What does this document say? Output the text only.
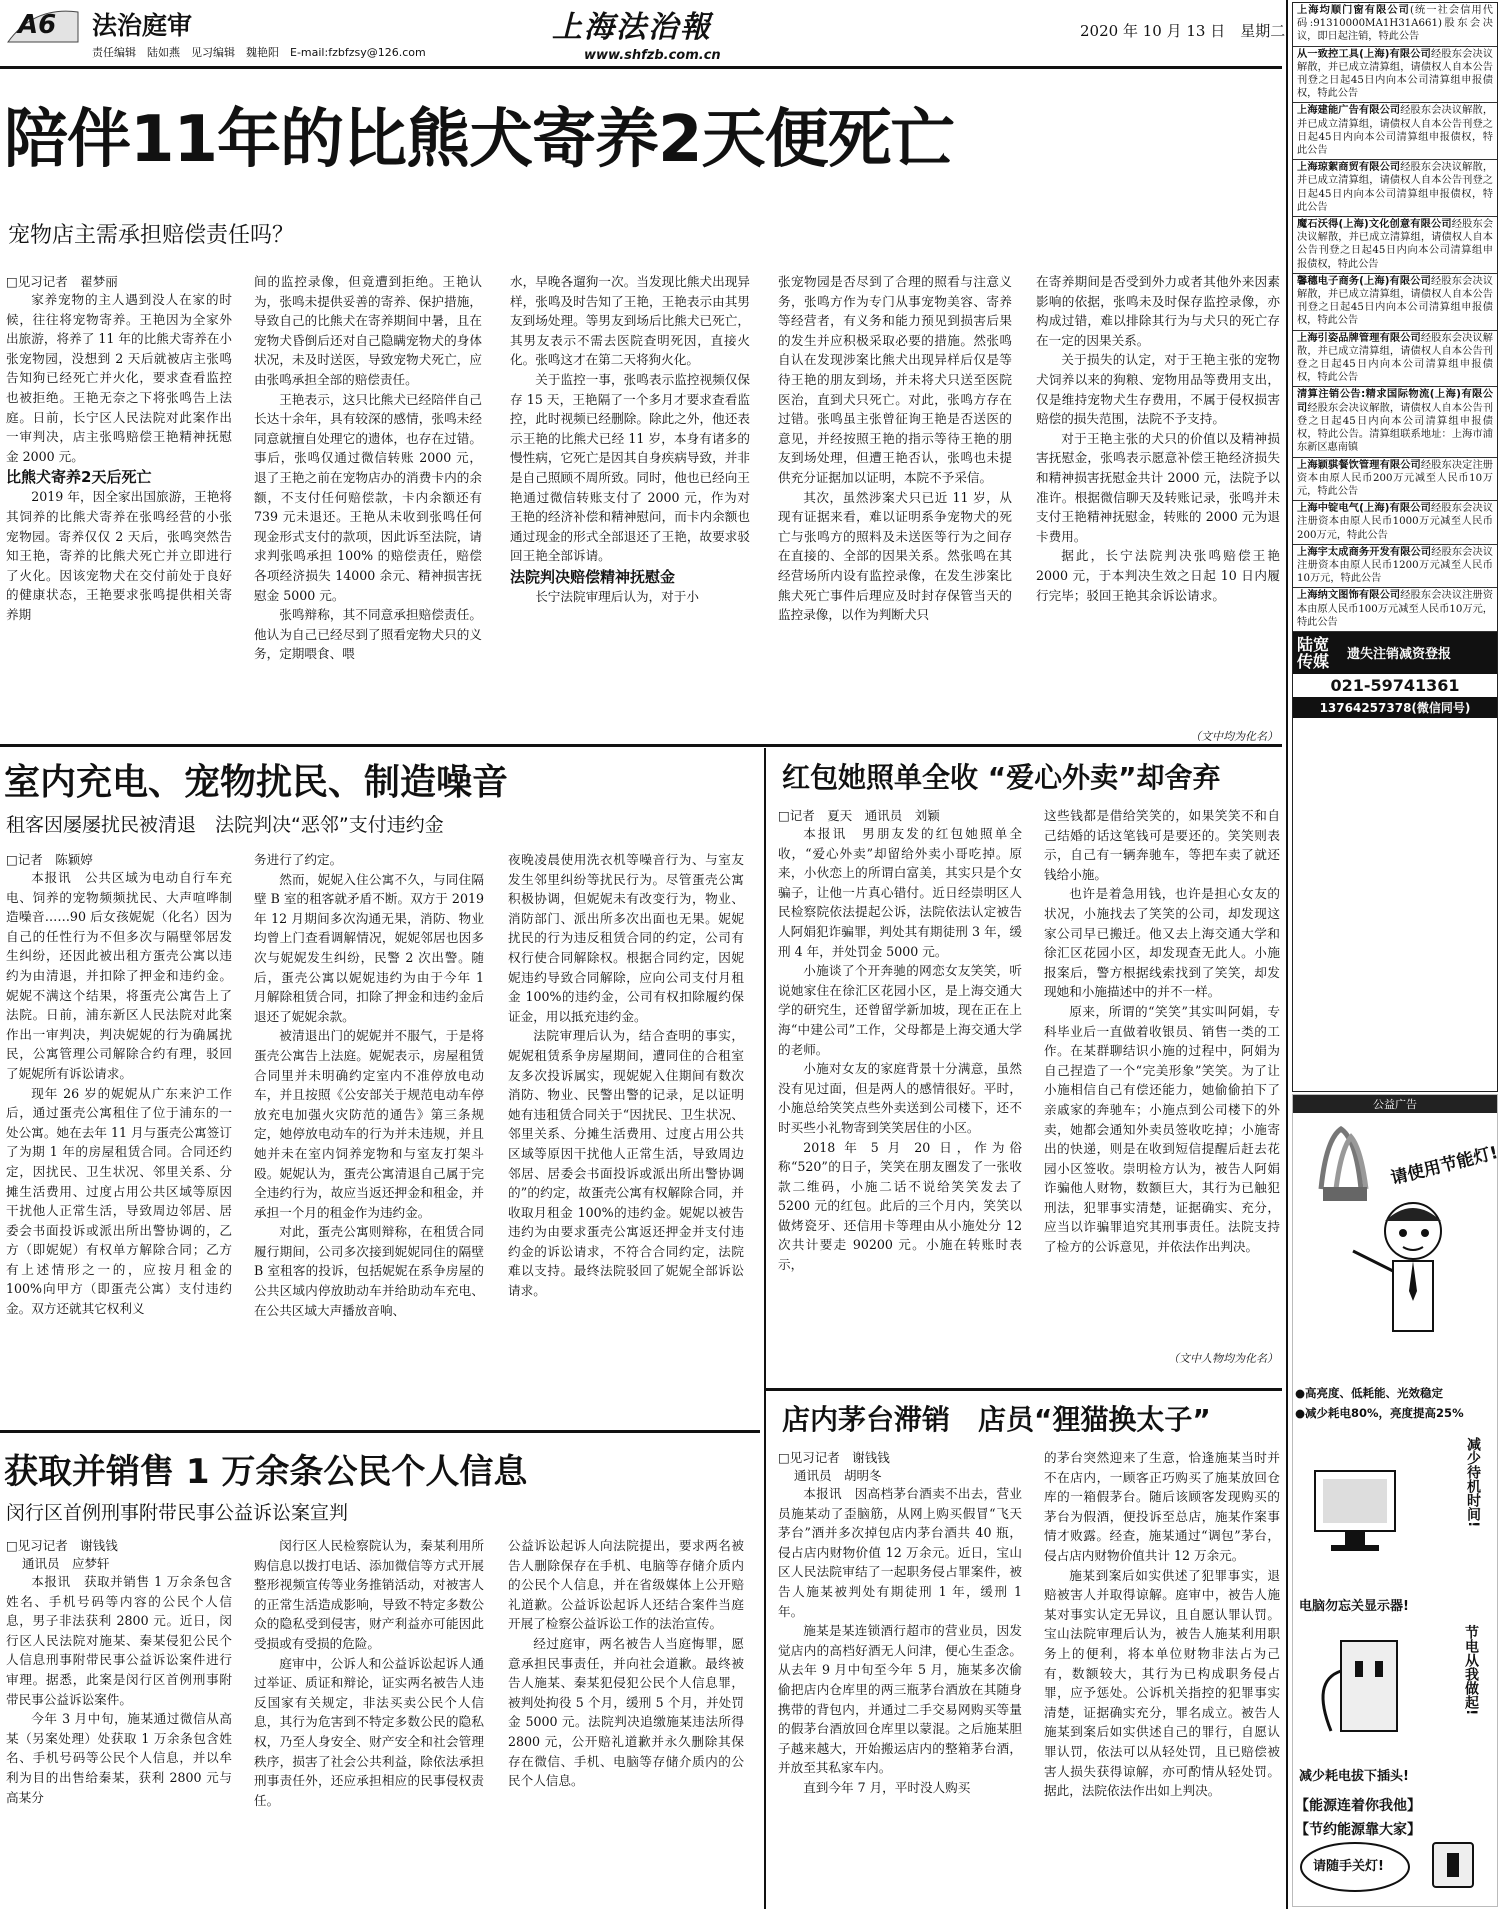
A6 法治庭审
责任编辑　陆如燕　见习编辑　魏艳阳　E-mail:fzbfzsy@126.com
上海法治報
www.shfzb.com.cn
2020 年 10 月 13 日　星期二
陪伴11年的比熊犬寄养2天便死亡
宠物店主需承担赔偿责任吗？

□见习记者　翟梦丽

家养宠物的主人遇到没人在家的时候，往往将宠物寄养。王艳因为全家外出旅游，将养了 11 年的比熊犬寄养在小张宠物园，没想到 2 天后就被店主张鸣告知狗已经死亡并火化，要求查看监控也被拒绝。王艳无奈之下将张鸣告上法庭。日前，长宁区人民法院对此案作出一审判决，店主张鸣赔偿王艳精神抚慰金 2000 元。

比熊犬寄养2天后死亡

2019 年，因全家出国旅游，王艳将其饲养的比熊犬寄养在张鸣经营的小张宠物园。寄养仅仅 2 天后，张鸣突然告知王艳，寄养的比熊犬死亡并立即进行了火化。因该宠物犬在交付前处于良好的健康状态，王艳要求张鸣提供相关寄养期

间的监控录像，但竟遭到拒绝。王艳认为，张鸣未提供妥善的寄养、保护措施，导致自己的比熊犬在寄养期间中暑，且在宠物犬昏倒后还对自己隐瞒宠物犬的身体状况，未及时送医，导致宠物犬死亡，应由张鸣承担全部的赔偿责任。

王艳表示，这只比熊犬已经陪伴自己长达十余年，具有较深的感情，张鸣未经同意就擅自处理它的遗体，也存在过错。事后，张鸣仅通过微信转账 2000 元，退了王艳之前在宠物店办的消费卡内的余额，不支付任何赔偿款，卡内余额还有 739 元未退还。王艳从未收到张鸣任何现金形式支付的款项，因此诉至法院，请求判张鸣承担 100% 的赔偿责任，赔偿各项经济损失 14000 余元、精神损害抚慰金 5000 元。

张鸣辩称，其不同意承担赔偿责任。他认为自己已经尽到了照看宠物犬只的义务，定期喂食、喂

水，早晚各遛狗一次。当发现比熊犬出现异样，张鸣及时告知了王艳，王艳表示由其男友到场处理。等男友到场后比熊犬已死亡，其男友表示不需去医院查明死因，直接火化。张鸣这才在第二天将狗火化。

关于监控一事，张鸣表示监控视频仅保存 15 天，王艳隔了一个多月才要求查看监控，此时视频已经删除。除此之外，他还表示王艳的比熊犬已经 11 岁，本身有诸多的慢性病，它死亡是因其自身疾病导致，并非是自己照顾不周所致。同时，他也已经向王艳通过微信转账支付了 2000 元，作为对王艳的经济补偿和精神慰问，而卡内余额也通过现金的形式全部退还了王艳，故要求驳回王艳全部诉请。

法院判决赔偿精神抚慰金

长宁法院审理后认为，对于小

张宠物园是否尽到了合理的照看与注意义务，张鸣方作为专门从事宠物美容、寄养等经营者，有义务和能力预见到损害后果的发生并应积极采取必要的措施。然张鸣自认在发现涉案比熊犬出现异样后仅是等待王艳的朋友到场，并未将犬只送至医院医治，直到犬只死亡。对此，张鸣方存在过错。张鸣虽主张曾征询王艳是否送医的意见，并经按照王艳的指示等待王艳的朋友到场处理，但遭王艳否认，张鸣也未提供充分证据加以证明，本院不予采信。

其次，虽然涉案犬只已近 11 岁，从现有证据来看，难以证明系争宠物犬的死亡与张鸣方的照料及未送医等行为之间存在直接的、全部的因果关系。然张鸣在其经营场所内设有监控录像，在发生涉案比熊犬死亡事件后理应及时封存保管当天的监控录像，以作为判断犬只

在寄养期间是否受到外力或者其他外来因素影响的依据，张鸣未及时保存监控录像，亦构成过错，难以排除其行为与犬只的死亡存在一定的因果关系。

关于损失的认定，对于王艳主张的宠物犬饲养以来的狗粮、宠物用品等费用支出，仅是维持宠物犬生存费用，不属于侵权损害赔偿的损失范围，法院不予支持。

对于王艳主张的犬只的价值以及精神损害抚慰金，张鸣表示愿意补偿王艳经济损失和精神损害抚慰金共计 2000 元，法院予以准许。根据微信聊天及转账记录，张鸣并未支付王艳精神抚慰金，转账的 2000 元为退卡费用。

据此，长宁法院判决张鸣赔偿王艳 2000 元，于本判决生效之日起 10 日内履行完毕；驳回王艳其余诉讼请求。

（文中均为化名）
室内充电、宠物扰民、制造噪音
租客因屡屡扰民被清退　法院判决“恶邻”支付违约金

□记者　陈颖婷

本报讯　公共区域为电动自行车充电、饲养的宠物频频扰民、大声喧哗制造噪音……90 后女孩妮妮（化名）因为自己的任性行为不但多次与隔壁邻居发生纠纷，还因此被出租方蛋壳公寓以违约为由清退，并扣除了押金和违约金。妮妮不满这个结果，将蛋壳公寓告上了法院。日前，浦东新区人民法院对此案作出一审判决，判决妮妮的行为确属扰民，公寓管理公司解除合约有理，驳回了妮妮所有诉讼请求。

现年 26 岁的妮妮从广东来沪工作后，通过蛋壳公寓租住了位于浦东的一处公寓。她在去年 11 月与蛋壳公寓签订了为期 1 年的房屋租赁合同。合同还约定，因扰民、卫生状况、邻里关系、分摊生活费用、过度占用公共区域等原因干扰他人正常生活，导致周边邻居、居委会书面投诉或派出所出警协调的，乙方（即妮妮）有权单方解除合同；乙方有上述情形之一的，应按月租金的 100%向甲方（即蛋壳公寓）支付违约金。双方还就其它权利义

务进行了约定。

然而，妮妮入住公寓不久，与同住隔壁 B 室的租客就矛盾不断。双方于 2019 年 12 月期间多次沟通无果，消防、物业均曾上门查看调解情况，妮妮邻居也因多次与妮妮发生纠纷，民警 2 次出警。随后，蛋壳公寓以妮妮违约为由于今年 1 月解除租赁合同，扣除了押金和违约金后退还了妮妮余款。

被清退出门的妮妮并不服气，于是将蛋壳公寓告上法庭。妮妮表示，房屋租赁合同里并未明确约定室内不准停放电动车，并且按照《公安部关于规范电动车停放充电加强火灾防范的通告》第三条规定，她停放电动车的行为并未违规，并且她并未在室内饲养宠物和与室友打架斗殴。妮妮认为，蛋壳公寓清退自己属于完全违约行为，故应当返还押金和租金，并承担一个月的租金作为违约金。

对此，蛋壳公寓则辩称，在租赁合同履行期间，公司多次接到妮妮同住的隔壁 B 室租客的投诉，包括妮妮在系争房屋的公共区域内停放助动车并给助动车充电、在公共区域大声播放音响、

夜晚凌晨使用洗衣机等噪音行为、与室友发生邻里纠纷等扰民行为。尽管蛋壳公寓积极协调，但妮妮未有改变行为，物业、消防部门、派出所多次出面也无果。妮妮扰民的行为违反租赁合同的约定，公司有权行使合同解除权。根据合同约定，因妮妮违约导致合同解除，应向公司支付月租金 100%的违约金，公司有权扣除履约保证金，用以抵充违约金。

法院审理后认为，结合查明的事实，妮妮租赁系争房屋期间，遭同住的合租室友多次投诉属实，现妮妮入住期间有数次消防、物业、民警出警的记录，足以证明她有违租赁合同关于“因扰民、卫生状况、邻里关系、分摊生活费用、过度占用公共区域等原因干扰他人正常生活，导致周边邻居、居委会书面投诉或派出所出警协调的”的约定，故蛋壳公寓有权解除合同，并收取月租金 100%的违约金。妮妮以被告违约为由要求蛋壳公寓返还押金并支付违约金的诉讼请求，不符合合同约定，法院难以支持。最终法院驳回了妮妮全部诉讼请求。

红包她照单全收 “爱心外卖”却舍弃

□记者　夏天　通讯员　刘颖

本报讯　男朋友发的红包她照单全收，“爱心外卖”却留给外卖小哥吃掉。原来，小伙恋上的所谓白富美，其实只是个女骗子，让他一片真心错付。近日经崇明区人民检察院依法提起公诉，法院依法认定被告人阿娟犯诈骗罪，判处其有期徒刑 3 年，缓刑 4 年，并处罚金 5000 元。

小施谈了个开奔驰的网恋女友笑笑，听说她家住在徐汇区花园小区，是上海交通大学的研究生，还曾留学新加坡，现在正在上海“中建公司”工作，父母都是上海交通大学的老师。

小施对女友的家庭背景十分满意，虽然没有见过面，但是两人的感情很好。平时，小施总给笑笑点些外卖送到公司楼下，还不时买些小礼物寄到笑笑居住的小区。

2018 年 5 月 20 日，作为俗称“520”的日子，笑笑在朋友圈发了一张收款二维码，小施二话不说给笑笑发去了 5200 元的红包。此后的三个月内，笑笑以做烤瓷牙、还信用卡等理由从小施处分 12 次共计要走 90200 元。小施在转账时表示，

这些钱都是借给笑笑的，如果笑笑不和自己结婚的话这笔钱可是要还的。笑笑则表示，自己有一辆奔驰车，等把车卖了就还钱给小施。

也许是着急用钱，也许是担心女友的状况，小施找去了笑笑的公司，却发现这家公司早已搬迁。他又去上海交通大学和徐汇区花园小区，却发现查无此人。小施报案后，警方根据线索找到了笑笑，却发现她和小施描述中的并不一样。

原来，所谓的“笑笑”其实叫阿娟，专科毕业后一直做着收银员、销售一类的工作。在某群聊结识小施的过程中，阿娟为自己捏造了一个“完美形象”笑笑。为了让小施相信自己有偿还能力，她偷偷拍下了亲戚家的奔驰车；小施点到公司楼下的外卖，她都会通知外卖员签收吃掉；小施寄出的快递，则是在收到短信提醒后赶去花园小区签收。崇明检方认为，被告人阿娟诈骗他人财物，数额巨大，其行为已触犯刑法，犯罪事实清楚，证据确实、充分，应当以诈骗罪追究其刑事责任。法院支持了检方的公诉意见，并依法作出判决。

（文中人物均为化名）
店内茅台滞销　店员“狸猫换太子”

□见习记者　谢钱钱

通讯员　胡明冬

本报讯　因高档茅台酒卖不出去，营业员施某动了歪脑筋，从网上购买假冒“飞天茅台”酒并多次掉包店内茅台酒共 40 瓶，侵占店内财物价值 12 万余元。近日，宝山区人民法院审结了一起职务侵占罪案件，被告人施某被判处有期徒刑 1 年，缓刑 1 年。

施某是某连锁酒行超市的营业员，因发觉店内的高档好酒无人问津，便心生歪念。从去年 9 月中旬至今年 5 月，施某多次偷偷把店内仓库里的两三瓶茅台酒放在其随身携带的背包内，并通过二手交易网购买等量的假茅台酒放回仓库里以蒙混。之后施某胆子越来越大，开始搬运店内的整箱茅台酒，并放至其私家车内。

直到今年 7 月，平时没人购买

的茅台突然迎来了生意，恰逢施某当时并不在店内，一顾客正巧购买了施某放回仓库的一箱假茅台。随后该顾客发现购买的茅台为假酒，便投诉至总店，施某作案事情才败露。经查，施某通过“调包”茅台，侵占店内财物价值共计 12 万余元。

施某到案后如实供述了犯罪事实，退赔被害人并取得谅解。庭审中，被告人施某对事实认定无异议，且自愿认罪认罚。宝山法院审理后认为，被告人施某利用职务上的便利，将本单位财物非法占为己有，数额较大，其行为已构成职务侵占罪，应予惩处。公诉机关指控的犯罪事实清楚，证据确实充分，罪名成立。被告人施某到案后如实供述自己的罪行，自愿认罪认罚，依法可以从轻处罚，且已赔偿被害人损失获得谅解，亦可酌情从轻处罚。据此，法院依法作出如上判决。

获取并销售 1 万余条公民个人信息
闵行区首例刑事附带民事公益诉讼案宣判

□见习记者　谢钱钱

通讯员　应梦轩

本报讯　获取并销售 1 万余条包含姓名、手机号码等内容的公民个人信息，男子非法获利 2800 元。近日，闵行区人民法院对施某、秦某侵犯公民个人信息刑事附带民事公益诉讼案件进行审理。据悉，此案是闵行区首例刑事附带民事公益诉讼案件。

今年 3 月中旬，施某通过微信从高某（另案处理）处获取 1 万余条包含姓名、手机号码等公民个人信息，并以牟利为目的出售给秦某，获利 2800 元与高某分

闵行区人民检察院认为，秦某利用所购信息以拨打电话、添加微信等方式开展整形视频宣传等业务推销活动，对被害人的正常生活造成影响，导致不特定多数公众的隐私受到侵害，财产利益亦可能因此受损或有受损的危险。

庭审中，公诉人和公益诉讼起诉人通过举证、质证和辩论，证实两名被告人违反国家有关规定，非法买卖公民个人信息，其行为危害到不特定多数公民的隐私权，乃至人身安全、财产安全和社会管理秩序，损害了社会公共利益，除依法承担刑事责任外，还应承担相应的民事侵权责任。

公益诉讼起诉人向法院提出，要求两名被告人删除保存在手机、电脑等存储介质内的公民个人信息，并在省级媒体上公开赔礼道歉。公益诉讼起诉人还结合案件当庭开展了检察公益诉讼工作的法治宣传。

经过庭审，两名被告人当庭悔罪，愿意承担民事责任，并向社会道歉。最终被告人施某、秦某犯侵犯公民个人信息罪，被判处拘役 5 个月，缓刑 5 个月，并处罚金 5000 元。法院判决追缴施某违法所得 2800 元，公开赔礼道歉并永久删除其保存在微信、手机、电脑等存储介质内的公民个人信息。

上海均顺门窗有限公司(统一社会信用代码:91310000MA1H31A661)股东会决议，即日起注销，特此公告
从一致控工具(上海)有限公司经股东会决议解散，并已成立清算组，请债权人自本公告刊登之日起45日内向本公司清算组申报债权，特此公告
上海建能广告有限公司经股东会决议解散，并已成立清算组，请债权人自本公告刊登之日起45日内向本公司清算组申报债权，特此公告
上海琼絮商贸有限公司经股东会决议解散，并已成立清算组，请债权人自本公告刊登之日起45日内向本公司清算组申报债权，特此公告
魔石沃得(上海)文化创意有限公司经股东会决议解散，并已成立清算组，请债权人自本公告刊登之日起45日内向本公司清算组申报债权，特此公告
馨穗电子商务(上海)有限公司经股东会决议解散，并已成立清算组，请债权人自本公告刊登之日起45日内向本公司清算组申报债权，特此公告
上海引姿品牌管理有限公司经股东会决议解散，并已成立清算组，请债权人自本公告刊登之日起45日内向本公司清算组申报债权，特此公告
清算注销公告:精求国际物流(上海)有限公司经股东会决议解散，请债权人自本公告刊登之日起45日内向本公司清算组申报债权，特此公告。清算组联系地址：上海市浦东新区惠南镇
上海颖骐餐饮管理有限公司经股东决定注册资本由原人民币200万元减至人民币10万元，特此公告
上海中锭电气(上海)有限公司经股东会决议注册资本由原人民币1000万元减至人民币200万元，特此公告
上海宇太成商务开发有限公司经股东会决议注册资本由原人民币1200万元减至人民币10万元，特此公告
上海纳文图饰有限公司经股东会决议注册资本由原人民币100万元减至人民币10万元，特此公告
陆宽传媒	遗失注销减资登报
021-59741361
13764257378(微信同号)
公益广告
请使用节能灯!
●高亮度、低耗能、光效稳定
●减少耗电80%，亮度提高25%
减少待机时间!
电脑勿忘关显示器!
节电从我做起!
减少耗电拔下插头!
【能源连着你我他】
【节约能源靠大家】
请随手关灯!
